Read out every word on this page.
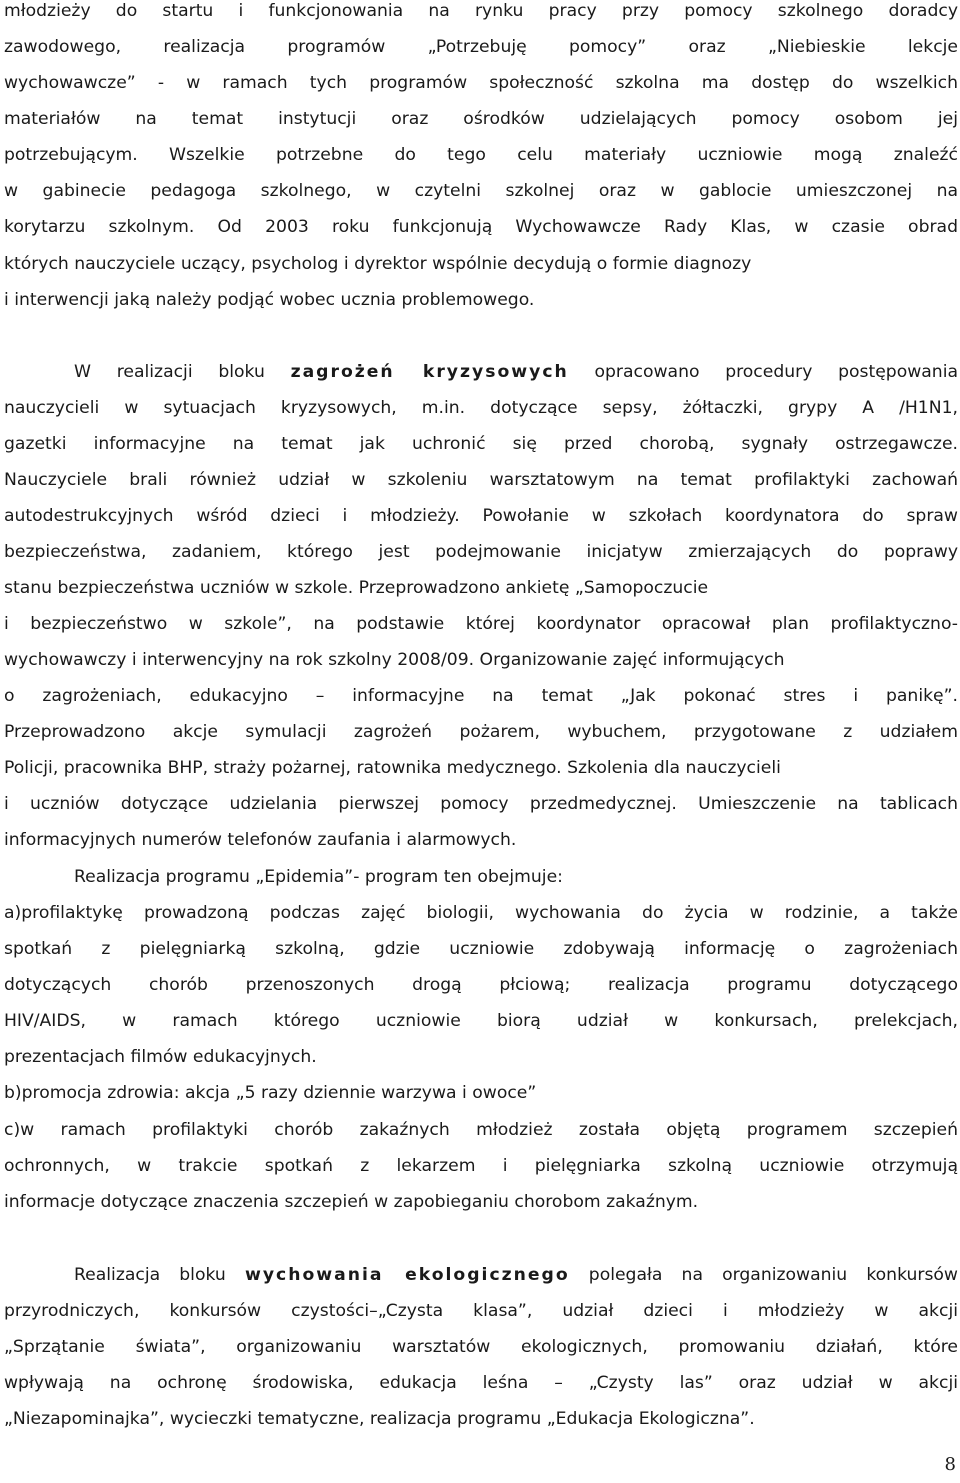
młodzieży do startu i funkcjonowania na rynku pracy przy pomocy szkolnego doradcy
zawodowego, realizacja programów „Potrzebuję pomocy” oraz „Niebieskie lekcje
wychowawcze” - w ramach tych programów społeczność szkolna ma dostęp do wszelkich
materiałów na temat instytucji oraz ośrodków udzielających pomocy osobom jej
potrzebującym. Wszelkie potrzebne do tego celu materiały uczniowie mogą znaleźć
w gabinecie pedagoga szkolnego, w czytelni szkolnej oraz w gablocie umieszczonej na
korytarzu szkolnym. Od 2003 roku funkcjonują Wychowawcze Rady Klas, w czasie obrad
których nauczyciele uczący, psycholog i dyrektor wspólnie decydują o formie diagnozy
i interwencji jaką należy podjąć wobec ucznia problemowego.
W realizacji bloku zagrożeń kryzysowych opracowano procedury postępowania
nauczycieli w sytuacjach kryzysowych, m.in. dotyczące sepsy, żółtaczki, grypy A /H1N1,
gazetki informacyjne na temat jak uchronić się przed chorobą, sygnały ostrzegawcze.
Nauczyciele brali również udział w szkoleniu warsztatowym na temat profilaktyki zachowań
autodestrukcyjnych wśród dzieci i młodzieży. Powołanie w szkołach koordynatora do spraw
bezpieczeństwa, zadaniem, którego jest podejmowanie inicjatyw zmierzających do poprawy
stanu bezpieczeństwa uczniów w szkole. Przeprowadzono ankietę „Samopoczucie
i bezpieczeństwo w szkole”, na podstawie której koordynator opracował plan profilaktyczno-
wychowawczy i interwencyjny na rok szkolny 2008/09. Organizowanie zajęć informujących
o zagrożeniach, edukacyjno – informacyjne na temat „Jak pokonać stres i panikę”.
Przeprowadzono akcje symulacji zagrożeń pożarem, wybuchem, przygotowane z udziałem
Policji, pracownika BHP, straży pożarnej, ratownika medycznego. Szkolenia dla nauczycieli
i uczniów dotyczące udzielania pierwszej pomocy przedmedycznej. Umieszczenie na tablicach
informacyjnych numerów telefonów zaufania i alarmowych.
Realizacja programu „Epidemia”- program ten obejmuje:
a)profilaktykę prowadzoną podczas zajęć biologii, wychowania do życia w rodzinie, a także
spotkań z pielęgniarką szkolną, gdzie uczniowie zdobywają informację o zagrożeniach
dotyczących chorób przenoszonych drogą płciową; realizacja programu dotyczącego
HIV/AIDS, w ramach którego uczniowie biorą udział w konkursach, prelekcjach,
prezentacjach filmów edukacyjnych.
b)promocja zdrowia: akcja „5 razy dziennie warzywa i owoce”
c)w ramach profilaktyki chorób zakaźnych młodzież została objętą programem szczepień
ochronnych, w trakcie spotkań z lekarzem i pielęgniarka szkolną uczniowie otrzymują
informacje dotyczące znaczenia szczepień w zapobieganiu chorobom zakaźnym.
Realizacja bloku wychowania ekologicznego polegała na organizowaniu konkursów
przyrodniczych, konkursów czystości–„Czysta klasa”, udział dzieci i młodzieży w akcji
„Sprzątanie świata”, organizowaniu warsztatów ekologicznych, promowaniu działań, które
wpływają na ochronę środowiska, edukacja leśna – „Czysty las” oraz udział w akcji
„Niezapominajka”, wycieczki tematyczne, realizacja programu „Edukacja Ekologiczna”.
8
